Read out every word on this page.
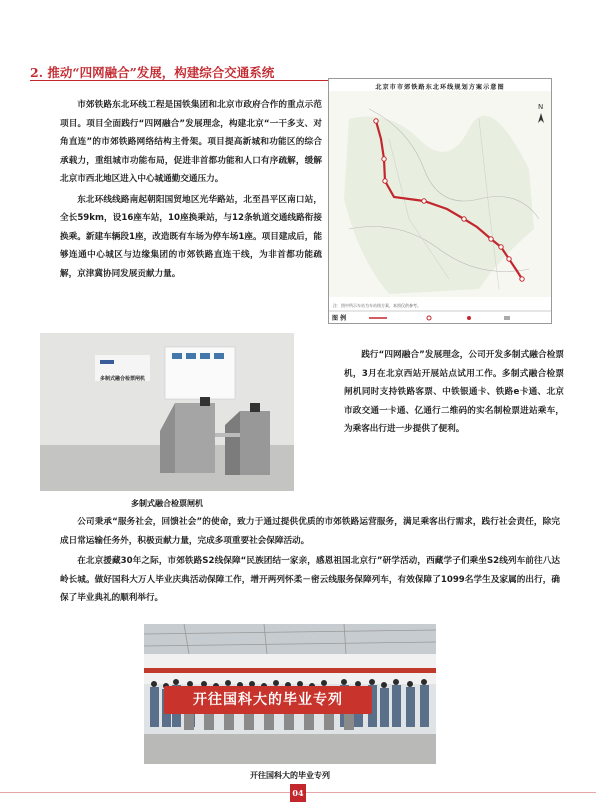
2. 推动“四网融合”发展，构建综合交通系统

市郊铁路东北环线工程是国铁集团和北京市政府合作的重点示范项目。项目全面践行“四网融合”发展理念，构建北京“一干多支、对角直连”的市郊铁路网络结构主骨架。项目提高新城和功能区的综合承载力，重组城市功能布局，促进非首都功能和人口有序疏解，缓解北京市西北地区进入中心城通勤交通压力。

东北环线线路南起朝阳国贸地区光华路站，北至昌平区南口站，全长59km，设16座车站，10座换乘站，与12条轨道交通线路衔接换乘。新建车辆段1座，改造既有车场为停车场1座。项目建成后，能够连通中心城区与边缘集团的市郊铁路直连干线，为非首都功能疏解，京津冀协同发展贡献力量。

N
注：图中所示车站为车站线方案，本图仅供参考。
北京市市郊铁路东北环线规划方案示意图
图 例
多制式融合检票闸机
多制式融合检票闸机

践行“四网融合”发展理念，公司开发多制式融合检票机，3月在北京西站开展站点试用工作。多制式融合检票闸机同时支持铁路客票、中铁银通卡、铁路e卡通、北京市政交通一卡通、亿通行二维码的实名制检票进站乘车，为乘客出行进一步提供了便利。

公司秉承“服务社会，回馈社会”的使命，致力于通过提供优质的市郊铁路运营服务，满足乘客出行需求，践行社会责任，除完成日常运输任务外，积极贡献力量，完成多项重要社会保障活动。

在北京援藏30年之际，市郊铁路S2线保障“民族团结一家亲，感恩祖国北京行”研学活动，西藏学子们乘坐S2线列车前往八达岭长城。做好国科大万人毕业庆典活动保障工作，增开两列怀柔－密云线服务保障列车，有效保障了1099名学生及家属的出行，确保了毕业典礼的顺利举行。

开往国科大的毕业专列
开往国科大的毕业专列
04
